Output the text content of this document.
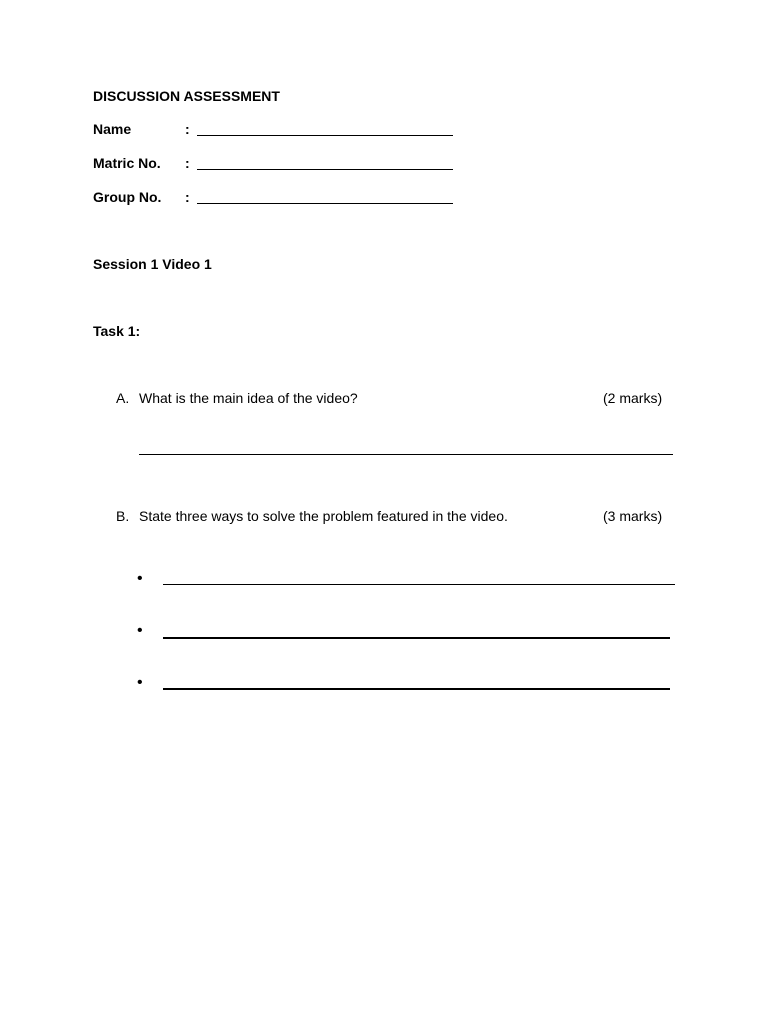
DISCUSSION ASSESSMENT
Name	:
Matric No. :
Group No. :
Session 1 Video 1
Task 1:
A. What is the main idea of the video?	(2 marks)
B. State three ways to solve the problem featured in the video.	(3 marks)
•
•
•
